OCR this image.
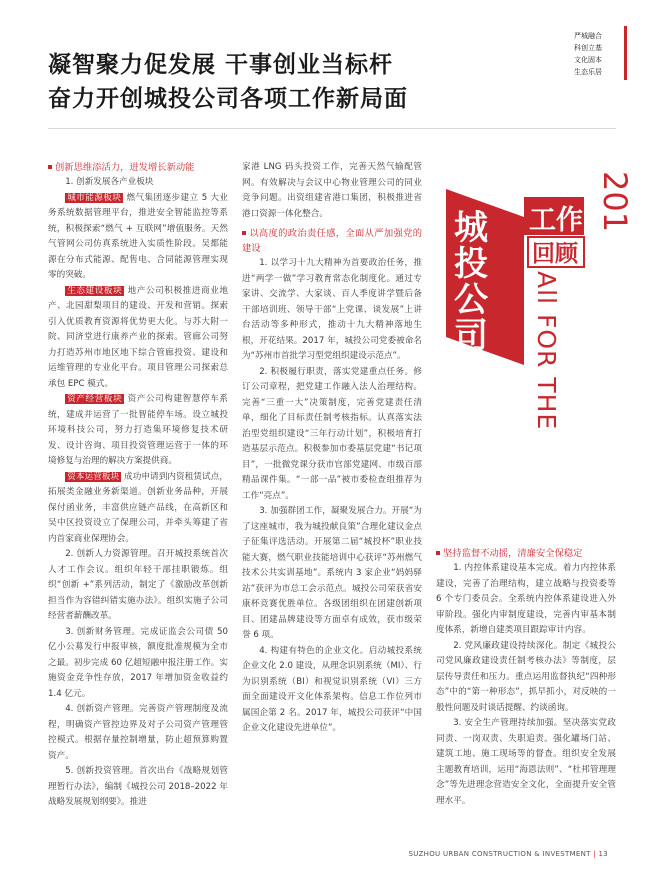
凝智聚力促发展 干事创业当标杆
奋力开创城投公司各项工作新局面
严城融合
科创立基
文化固本
生态乐居
创新思维添活力，进发增长新动能

1. 创新发展各产业板块

城市能源板块 燃气集团逐步建立 5 大业务系统数据管理平台，推进安全智能监控等系统，积极探索“燃气 + 互联网”增值服务。天然气管网公司仿真系统进入实质性阶段。吴都能源在分布式能源、配售电、合同能源管理实现零的突破。

生态建设板块 地产公司积极推进商业地产、北园甜梨项目的建设、开发和营销。探索引入优质教育资源将优势更大化。与苏大附一院、同济堂进行康养产业的探索。管廊公司努力打造苏州市地区地下综合管廊投资、建设和运维管理的专业化平台。项目管理公司探索总承包 EPC 模式。

资产经营板块 资产公司构建智慧停车系统，建成并运营了一批智能停车场。设立城投环境科技公司，努力打造集环境修复技术研发、设计咨询、项目投资管理运营于一体的环境修复与治理的解决方案提供商。

资本运营板块 成功申请到内资租赁试点，拓展类金融业务新渠道。创新业务品种，开展保付函业务，丰富供应链产品线，在高新区和吴中区投资设立了保理公司，并牵头筹建了省内首家商业保理协会。

2. 创新人力资源管理。召开城投系统首次人才工作会议。组织年轻干部挂职锻炼。组织“创新 +”系列活动，制定了《激励改革创新担当作为容错纠错实施办法》。组织实施子公司经营者薪酬改革。

3. 创新财务管理。完成证监会公司债 50 亿小公募发行申报审核，额度批准规模为全市之最。初步完成 60 亿超短融申报注册工作。实施资金竞争性存放，2017 年增加资金收益约 1.4 亿元。

4. 创新资产管理。完善资产管理制度及流程，明确资产管控边界及对子公司资产管理管控模式。根据存量控制增量，防止超预算购置资产。

5. 创新投资管理。首次出台《战略规划管理暂行办法》，编制《城投公司 2018–2022 年战略发展规划纲要》。推进

家港 LNG 码头投资工作，完善天然气输配管网。有效解决与会议中心物业管理公司的同业竞争问题。出资组建省港口集团，积极推进省港口资源一体化整合。

以高度的政治责任感，全面从严加强党的建设

1. 以学习十九大精神为首要政治任务，推进“两学一做”学习教育常态化制度化。通过专家讲、交流学、大家谈、百人季度讲学暨后备干部培训班、领导干部“上党课、谈发展”上讲台活动等多种形式，推动十九大精神落地生根，开花结果。2017 年，城投公司党委被命名为“苏州市首批学习型党组织建设示范点”。

2. 积极履行职责，落实党建重点任务。修订公司章程，把党建工作融入法人治理结构。完善“三重一大”决策制度，完善党建责任清单，细化了目标责任制考核指标。认真落实法治型党组织建设“三年行动计划”，积极培育打造基层示范点。积极参加市委基层党建“书记项目”，一批微党课分获市官部党建网、市级百部精品课件集。“一部一品”被市委检查组推荐为工作“亮点”。

3. 加强群团工作，凝聚发展合力。开展“为了这座城市，我为城投献良策”合理化建议金点子征集评选活动。开展第二届“城投杯”职业技能大赛，燃气职业技能培训中心获评“苏州燃气技术公共实训基地”。系统内 3 家企业“妈妈驿站”获评为市总工会示范点。城投公司荣获省安康杯竞赛优胜单位。各级团组织在团建创新项目、团建品牌建设等方面卓有成效，获市级荣誉 6 项。

4. 构建有特色的企业文化。启动城投系统企业文化 2.0 建设，从理念识别系统（MI）、行为识别系统（BI）和视觉识别系统（VI）三方面全面建设开文化体系架构。信息工作位列市属国企第 2 名。2017 年，城投公司获评“中国企业文化建设先进单位”。

城
投
公
司
工作
回顾
201
All FOR THE
坚持监督不动摇，清廉安全保稳定

1. 内控体系建设基本完成。着力内控体系建设，完善了治理结构，建立战略与投资委等 6 个专门委员会。全系统内控体系建设进入外审阶段。强化内审制度建设，完善内审基本制度体系，新增自建类项目跟踪审计内容。

2. 党风廉政建设持续深化。制定《城投公司党风廉政建设责任制考核办法》等制度，层层传导责任和压力。重点运用监督执纪“四种形态”中的“第一种形态”，抓早抓小，对反映的一般性问题及时谈话提醒、约谈函询。

3. 安全生产管理持续加强。坚决落实党政同责、一岗双责、失职追责。强化罐场门站、建筑工地、施工现场等的督查。组织安全发展主题教育培训，运用“海恩法则”、“杜邦管理理念”等先进理念营造安全文化，全面提升安全管理水平。

SUZHOU URBAN CONSTRUCTION & INVESTMENT | 13
